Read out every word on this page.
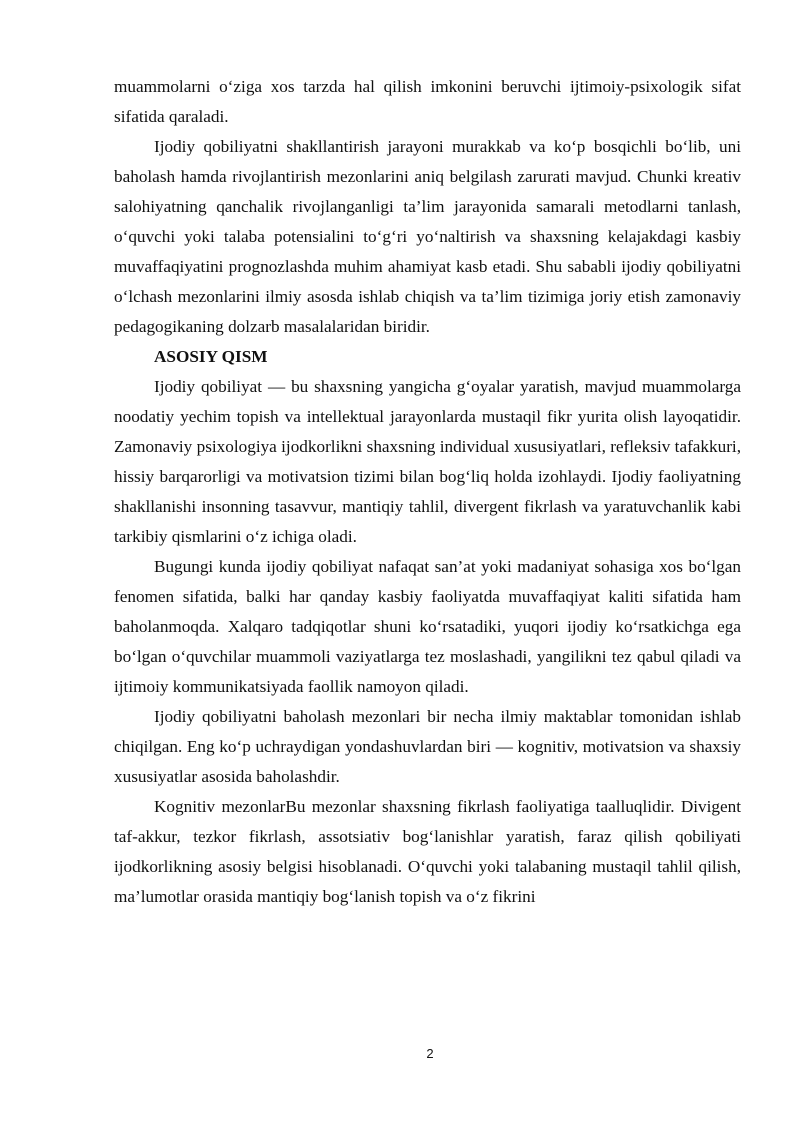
muammolarni o‘ziga xos tarzda hal qilish imkonini beruvchi ijtimoiy-psixologik sifat sifatida qaraladi.

Ijodiy qobiliyatni shakllantirish jarayoni murakkab va ko‘p bosqichli bo‘lib, uni baholash hamda rivojlantirish mezonlarini aniq belgilash zarurati mavjud. Chunki kreativ salohiyatning qanchalik rivojlanganligi ta’lim jarayonida samarali metodlarni tanlash, o‘quvchi yoki talaba potensialini to‘g‘ri yo‘naltirish va shaxsning kelajakdagi kasbiy muvaffaqiyatini prognozlashda muhim ahamiyat kasb etadi. Shu sababli ijodiy qobiliyatni o‘lchash mezonlarini ilmiy asosda ishlab chiqish va ta’lim tizimiga joriy etish zamonaviy pedagogikaning dolzarb masalalaridan biridir.

ASOSIY QISM

Ijodiy qobiliyat — bu shaxsning yangicha g‘oyalar yaratish, mavjud muammolarga noodatiy yechim topish va intellektual jarayonlarda mustaqil fikr yurita olish layoqatidir. Zamonaviy psixologiya ijodkorlikni shaxsning individual xususiyatlari, refleksiv tafakkuri, hissiy barqarorligi va motivatsion tizimi bilan bog‘liq holda izohlaydi. Ijodiy faoliyatning shakllanishi insonning tasavvur, mantiqiy tahlil, divergent fikrlash va yaratuvchanlik kabi tarkibiy qismlarini o‘z ichiga oladi.

Bugungi kunda ijodiy qobiliyat nafaqat san’at yoki madaniyat sohasiga xos bo‘lgan fenomen sifatida, balki har qanday kasbiy faoliyatda muvaffaqiyat kaliti sifatida ham baholanmoqda. Xalqaro tadqiqotlar shuni ko‘rsatadiki, yuqori ijodiy ko‘rsatkichga ega bo‘lgan o‘quvchilar muammoli vaziyatlarga tez moslashadi, yangilikni tez qabul qiladi va ijtimoiy kommunikatsiyada faollik namoyon qiladi.

Ijodiy qobiliyatni baholash mezonlari bir necha ilmiy maktablar tomonidan ishlab chiqilgan. Eng ko‘p uchraydigan yondashuvlardan biri — kognitiv, motivatsion va shaxsiy xususiyatlar asosida baholashdir.

Kognitiv mezonlarBu mezonlar shaxsning fikrlash faoliyatiga taalluqlidir. Divigent taf-akkur, tezkor fikrlash, assotsiativ bog‘lanishlar yaratish, faraz qilish qobiliyati ijodkorlikning asosiy belgisi hisoblanadi. O‘quvchi yoki talabaning mustaqil tahlil qilish, ma’lumotlar orasida mantiqiy bog‘lanish topish va o‘z fikrini

2
